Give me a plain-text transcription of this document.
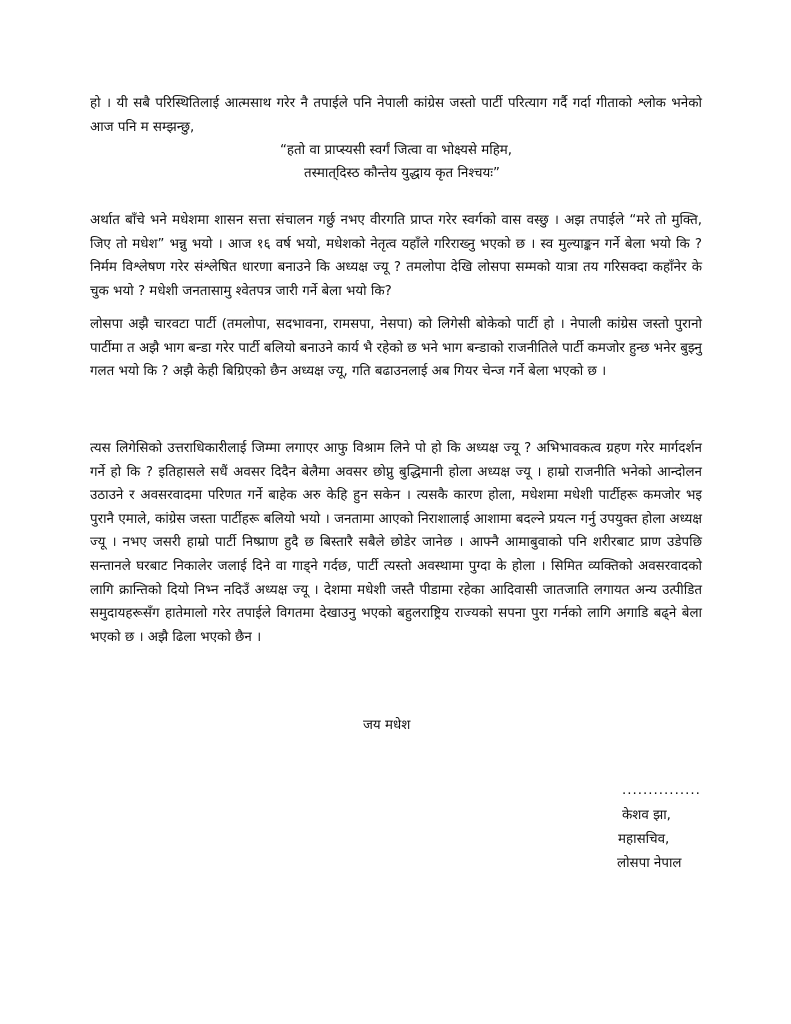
हो । यी सबै परिस्थितिलाई आत्मसाथ गरेर नै तपाईले पनि नेपाली कांग्रेस जस्तो पार्टी परित्याग गर्दै गर्दा गीताको श्लोक भनेको आज पनि म सम्झन्छु,

“हतो वा प्राप्स्यसी स्वर्गं जित्वा वा भोक्ष्यसे महिम,

तस्मात्‌दिस्ठ कौन्तेय युद्धाय कृत निश्चयः”

अर्थात बाँचे भने मधेशमा शासन सत्ता संचालन गर्छु नभए वीरगति प्राप्त गरेर स्वर्गको वास वस्छु । अझ तपाईले “मरे तो मुक्ति, जिए तो मधेश” भन्नु भयो । आज १६ वर्ष भयो, मधेशको नेतृत्व यहाँले गरिराख्नु भएको छ । स्व मुल्याङ्कन गर्ने बेला भयो कि ? निर्मम विश्लेषण गरेर संश्लेषित धारणा बनाउने कि अध्यक्ष ज्यू ? तमलोपा देखि लोसपा सम्मको यात्रा तय गरिसक्दा कहाँनेर के चुक भयो ? मधेशी जनतासामु श्वेतपत्र जारी गर्ने बेला भयो कि?

लोसपा अझै चारवटा पार्टी (तमलोपा, सदभावना, रामसपा, नेसपा) को लिगेसी बोकेको पार्टी हो । नेपाली कांग्रेस जस्तो पुरानो पार्टीमा त अझै भाग बन्डा गरेर पार्टी बलियो बनाउने कार्य भै रहेको छ भने भाग बन्डाको राजनीतिले पार्टी कमजोर हुन्छ भनेर बुझ्नु गलत भयो कि ? अझै केही बिग्रिएको छैन अध्यक्ष ज्यू, गति बढाउनलाई अब गियर चेन्ज गर्ने बेला भएको छ ।

त्यस लिगेसिको उत्तराधिकारीलाई जिम्मा लगाएर आफु विश्राम लिने पो हो कि अध्यक्ष ज्यू ? अभिभावकत्व ग्रहण गरेर मार्गदर्शन गर्ने हो कि ? इतिहासले सधैं अवसर दिदैन बेलैमा अवसर छोप्नु बुद्धिमानी होला अध्यक्ष ज्यू । हाम्रो राजनीति भनेको आन्दोलन उठाउने र अवसरवादमा परिणत गर्ने बाहेक अरु केहि हुन सकेन । त्यसकै कारण होला, मधेशमा मधेशी पार्टीहरू कमजोर भइ पुरानै एमाले, कांग्रेस जस्ता पार्टीहरू बलियो भयो । जनतामा आएको निराशालाई आशामा बदल्ने प्रयत्न गर्नु उपयुक्त होला अध्यक्ष ज्यू । नभए जसरी हाम्रो पार्टी निष्प्राण हुदै छ बिस्तारै सबैले छोडेर जानेछ । आफ्नै आमाबुवाको पनि शरीरबाट प्राण उडेपछि सन्तानले घरबाट निकालेर जलाई दिने वा गाड्ने गर्दछ, पार्टी त्यस्तो अवस्थामा पुग्दा के होला । सिमित व्यक्तिको अवसरवादको लागि क्रान्तिको दियो निभ्न नदिउँ अध्यक्ष ज्यू । देशमा मधेशी जस्तै पीडामा रहेका आदिवासी जातजाति लगायत अन्य उत्पीडित समुदायहरूसँग हातेमालो गरेर तपाईले विगतमा देखाउनु भएको बहुलराष्ट्रिय राज्यको सपना पुरा गर्नको लागि अगाडि बढ्ने बेला भएको छ । अझै ढिला भएको छैन ।

जय मधेश
...............
केशव झा,
महासचिव,
लोसपा नेपाल
